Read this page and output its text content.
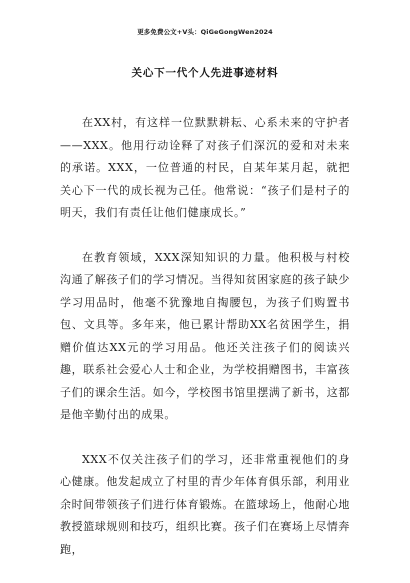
更多免费公文+V头：QiGeGongWen2024
关心下一代个人先进事迹材料

在XX村，有这样一位默默耕耘、心系未来的守护者——XXX。他用行动诠释了对孩子们深沉的爱和对未来的承诺。XXX，一位普通的村民，自某年某月起，就把关心下一代的成长视为己任。他常说：“孩子们是村子的明天，我们有责任让他们健康成长。”

在教育领域，XXX深知知识的力量。他积极与村校沟通了解孩子们的学习情况。当得知贫困家庭的孩子缺少学习用品时，他毫不犹豫地自掏腰包，为孩子们购置书包、文具等。多年来，他已累计帮助XX名贫困学生，捐赠价值达XX元的学习用品。他还关注孩子们的阅读兴趣，联系社会爱心人士和企业，为学校捐赠图书，丰富孩子们的课余生活。如今，学校图书馆里摆满了新书，这都是他辛勤付出的成果。

XXX不仅关注孩子们的学习，还非常重视他们的身心健康。他发起成立了村里的青少年体育俱乐部，利用业余时间带领孩子们进行体育锻炼。在篮球场上，他耐心地教授篮球规则和技巧，组织比赛。孩子们在赛场上尽情奔跑，
